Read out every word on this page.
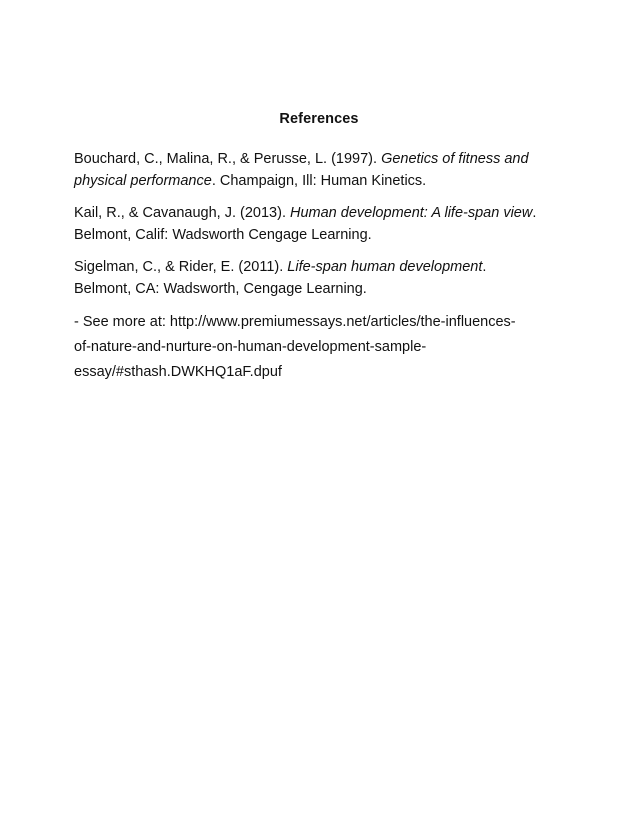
References

Bouchard, C., Malina, R., & Perusse, L. (1997). Genetics of fitness and
physical performance. Champaign, Ill: Human Kinetics.

Kail, R., & Cavanaugh, J. (2013). Human development: A life-span view.
Belmont, Calif: Wadsworth Cengage Learning.

Sigelman, C., & Rider, E. (2011). Life-span human development.
Belmont, CA: Wadsworth, Cengage Learning.

- See more at: http://www.premiumessays.net/articles/the-influences-
of-nature-and-nurture-on-human-development-sample-
essay/#sthash.DWKHQ1aF.dpuf
